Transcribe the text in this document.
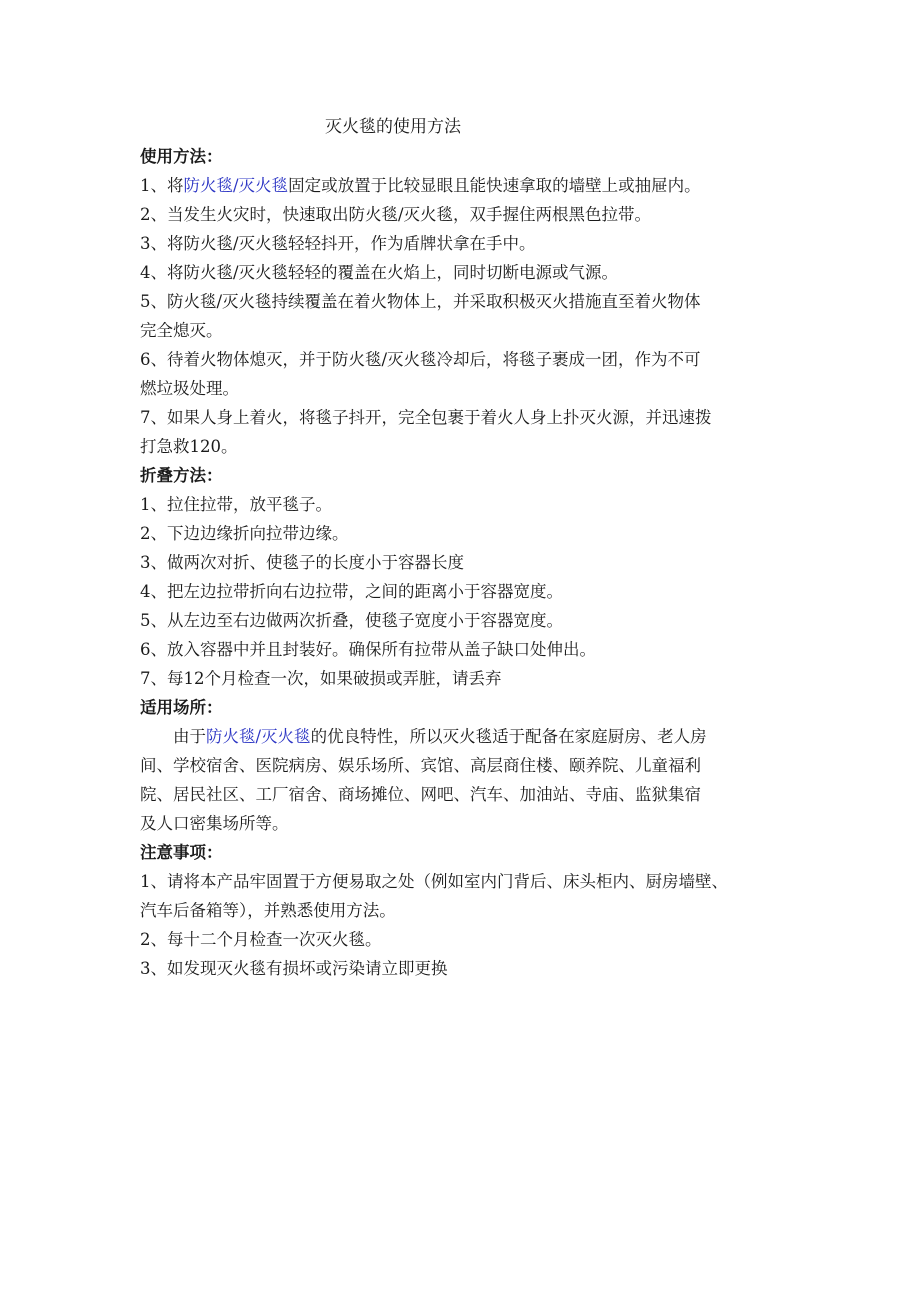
灭火毯的使用方法
使用方法：
1、将防火毯/灭火毯固定或放置于比较显眼且能快速拿取的墙壁上或抽屉内。
2、当发生火灾时，快速取出防火毯/灭火毯，双手握住两根黑色拉带。
3、将防火毯/灭火毯轻轻抖开，作为盾牌状拿在手中。
4、将防火毯/灭火毯轻轻的覆盖在火焰上，同时切断电源或气源。
5、防火毯/灭火毯持续覆盖在着火物体上，并采取积极灭火措施直至着火物体
完全熄灭。
6、待着火物体熄灭，并于防火毯/灭火毯冷却后，将毯子裹成一团，作为不可
燃垃圾处理。
7、如果人身上着火，将毯子抖开，完全包裹于着火人身上扑灭火源，并迅速拨
打急救120。
折叠方法：
1、拉住拉带，放平毯子。
2、下边边缘折向拉带边缘。
3、做两次对折、使毯子的长度小于容器长度
4、把左边拉带折向右边拉带，之间的距离小于容器宽度。
5、从左边至右边做两次折叠，使毯子宽度小于容器宽度。
6、放入容器中并且封装好。确保所有拉带从盖子缺口处伸出。
7、每12个月检查一次，如果破损或弄脏，请丢弃
适用场所：
由于防火毯/灭火毯的优良特性，所以灭火毯适于配备在家庭厨房、老人房
间、学校宿舍、医院病房、娱乐场所、宾馆、高层商住楼、颐养院、儿童福利
院、居民社区、工厂宿舍、商场摊位、网吧、汽车、加油站、寺庙、监狱集宿
及人口密集场所等。
注意事项：
1、请将本产品牢固置于方便易取之处（例如室内门背后、床头柜内、厨房墙壁、
汽车后备箱等），并熟悉使用方法。
2、每十二个月检查一次灭火毯。
3、如发现灭火毯有损坏或污染请立即更换
